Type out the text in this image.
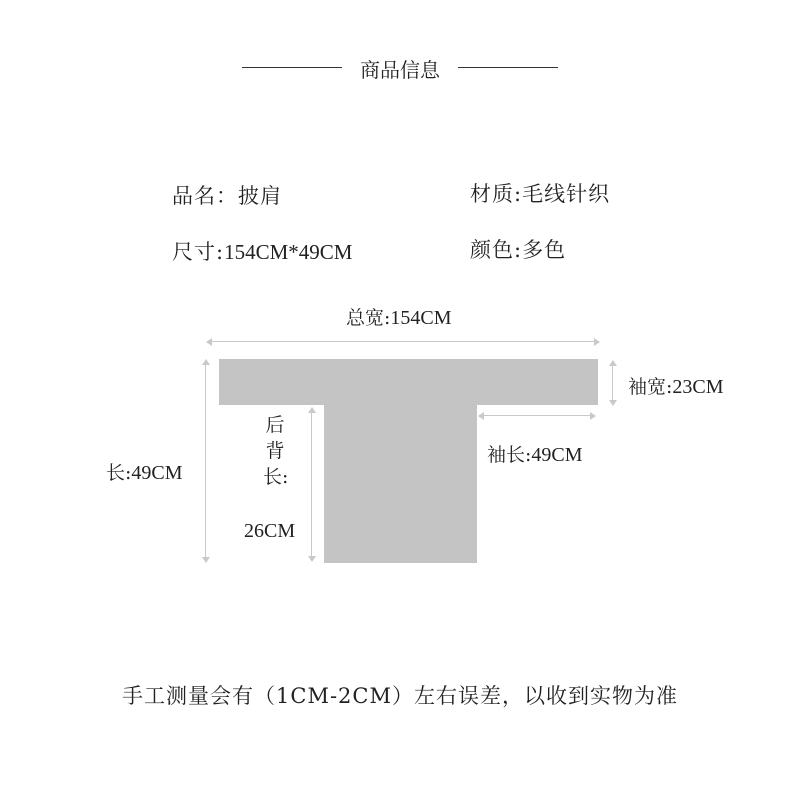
商品信息
品名：披肩	材质:毛线针织
尺寸:154CM*49CM	颜色:多色
总宽:154CM
袖宽:23CM
长:49CM
后背长:
26CM
袖长:49CM
手工测量会有（1CM-2CM）左右误差，以收到实物为准
